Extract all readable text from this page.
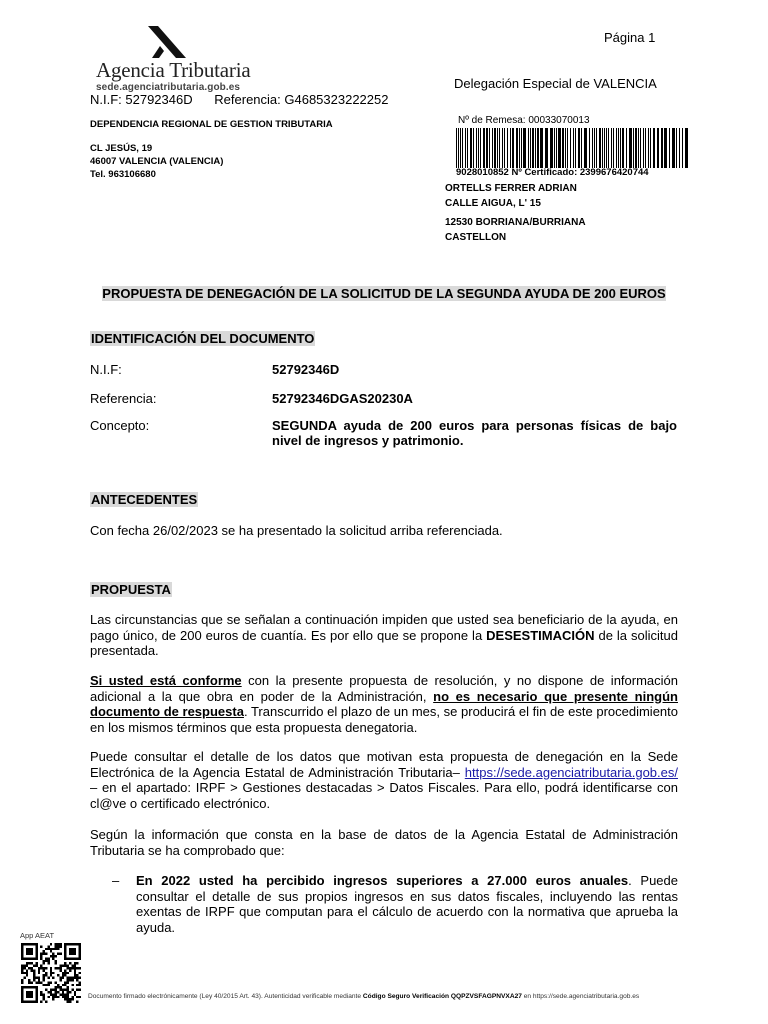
Agencia Tributaria
sede.agenciatributaria.gob.es
Página 1
Delegación Especial de VALENCIA
N.I.F: 52792346D      Referencia: G4685323222252
DEPENDENCIA REGIONAL DE GESTION TRIBUTARIA
CL JESÚS, 19
46007 VALENCIA (VALENCIA)
Tel. 963106680
Nº de Remesa: 00033070013
9028010852 Nº Certificado: 2399676420744
ORTELLS FERRER ADRIAN
CALLE AIGUA, L' 15
12530 BORRIANA/BURRIANA
CASTELLON
PROPUESTA DE DENEGACIÓN DE LA SOLICITUD DE LA SEGUNDA AYUDA DE 200 EUROS
IDENTIFICACIÓN DEL DOCUMENTO
N.I.F:	52792346D
Referencia:	52792346DGAS20230A
Concepto:	SEGUNDA ayuda de 200 euros para personas físicas de bajo nivel de ingresos y patrimonio.
ANTECEDENTES
Con fecha 26/02/2023 se ha presentado la solicitud arriba referenciada.
PROPUESTA
Las circunstancias que se señalan a continuación impiden que usted sea beneficiario de la ayuda, en pago único, de 200 euros de cuantía. Es por ello que se propone la DESESTIMACIÓN de la solicitud presentada.
Si usted está conforme con la presente propuesta de resolución, y no dispone de información adicional a la que obra en poder de la Administración, no es necesario que presente ningún documento de respuesta. Transcurrido el plazo de un mes, se producirá el fin de este procedimiento en los mismos términos que esta propuesta denegatoria.
Puede consultar el detalle de los datos que motivan esta propuesta de denegación en la Sede Electrónica de la Agencia Estatal de Administración Tributaria– https://sede.agenciatributaria.gob.es/ – en el apartado: IRPF > Gestiones destacadas > Datos Fiscales. Para ello, podrá identificarse con cl@ve o certificado electrónico.
Según la información que consta en la base de datos de la Agencia Estatal de Administración Tributaria se ha comprobado que:
– En 2022 usted ha percibido ingresos superiores a 27.000 euros anuales. Puede consultar el detalle de sus propios ingresos en sus datos fiscales, incluyendo las rentas exentas de IRPF que computan para el cálculo de acuerdo con la normativa que aprueba la ayuda.
App AEAT
Documento firmado electrónicamente (Ley 40/2015 Art. 43). Autenticidad verificable mediante Código Seguro Verificación QQPZVSFAGPNVXA27 en https://sede.agenciatributaria.gob.es
